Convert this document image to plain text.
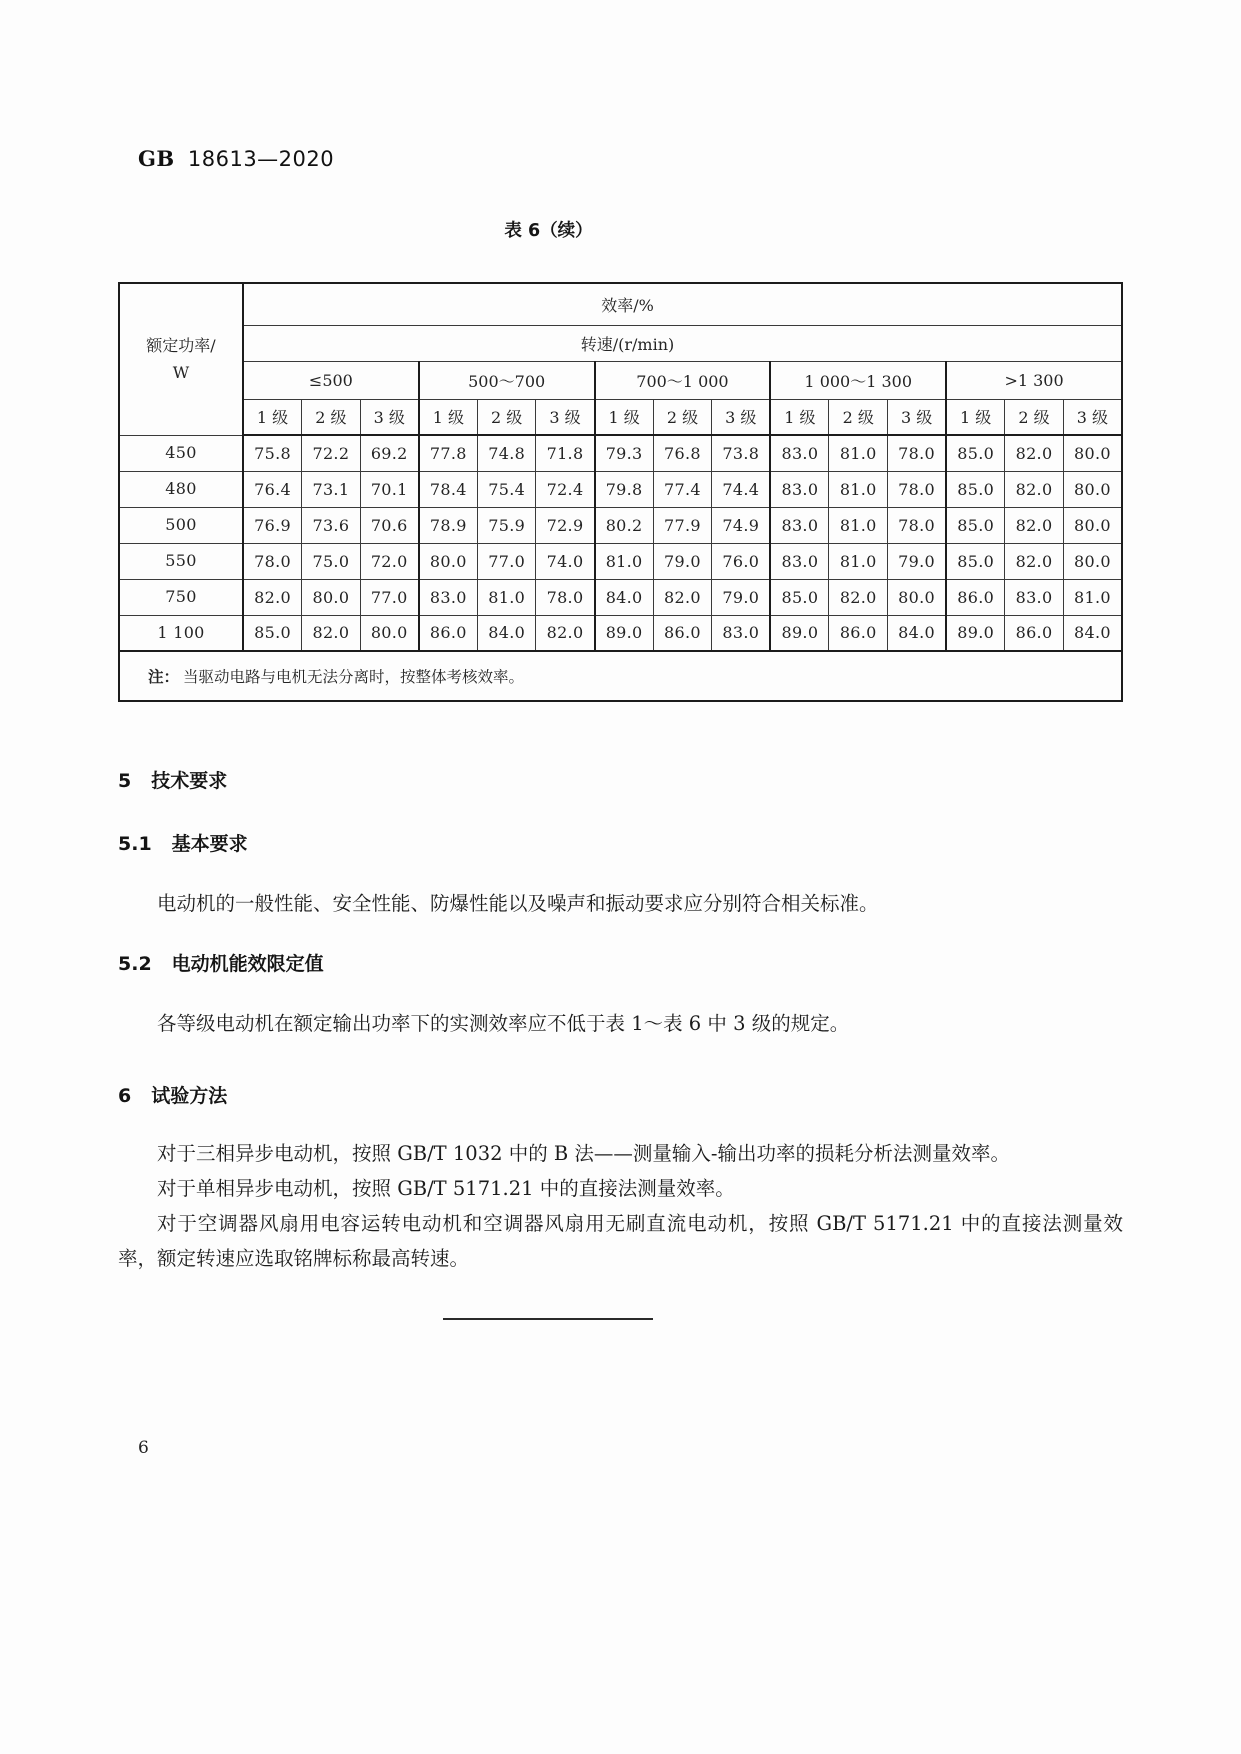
GB 18613—2020
表 6（续）
额定功率/
W	效率/%														
	转速/(r/min)														
	≤500			500～700			700～1 000			1 000～1 300			>1 300		
	1 级	2 级	3 级	1 级	2 级	3 级	1 级	2 级	3 级	1 级	2 级	3 级	1 级	2 级	3 级
450	75.8	72.2	69.2	77.8	74.8	71.8	79.3	76.8	73.8	83.0	81.0	78.0	85.0	82.0	80.0
480	76.4	73.1	70.1	78.4	75.4	72.4	79.8	77.4	74.4	83.0	81.0	78.0	85.0	82.0	80.0
500	76.9	73.6	70.6	78.9	75.9	72.9	80.2	77.9	74.9	83.0	81.0	78.0	85.0	82.0	80.0
550	78.0	75.0	72.0	80.0	77.0	74.0	81.0	79.0	76.0	83.0	81.0	79.0	85.0	82.0	80.0
750	82.0	80.0	77.0	83.0	81.0	78.0	84.0	82.0	79.0	85.0	82.0	80.0	86.0	83.0	81.0
1 100	85.0	82.0	80.0	86.0	84.0	82.0	89.0	86.0	83.0	89.0	86.0	84.0	89.0	86.0	84.0
注： 当驱动电路与电机无法分离时，按整体考核效率。															
5 技术要求
5.1 基本要求

电动机的一般性能、安全性能、防爆性能以及噪声和振动要求应分别符合相关标准。

5.2 电动机能效限定值

各等级电动机在额定输出功率下的实测效率应不低于表 1～表 6 中 3 级的规定。

6 试验方法

对于三相异步电动机，按照 GB/T 1032 中的 B 法——测量输入-输出功率的损耗分析法测量效率。

对于单相异步电动机，按照 GB/T 5171.21 中的直接法测量效率。

对于空调器风扇用电容运转电动机和空调器风扇用无刷直流电动机，按照 GB/T 5171.21 中的直接法测量效率，额定转速应选取铭牌标称最高转速。

6
